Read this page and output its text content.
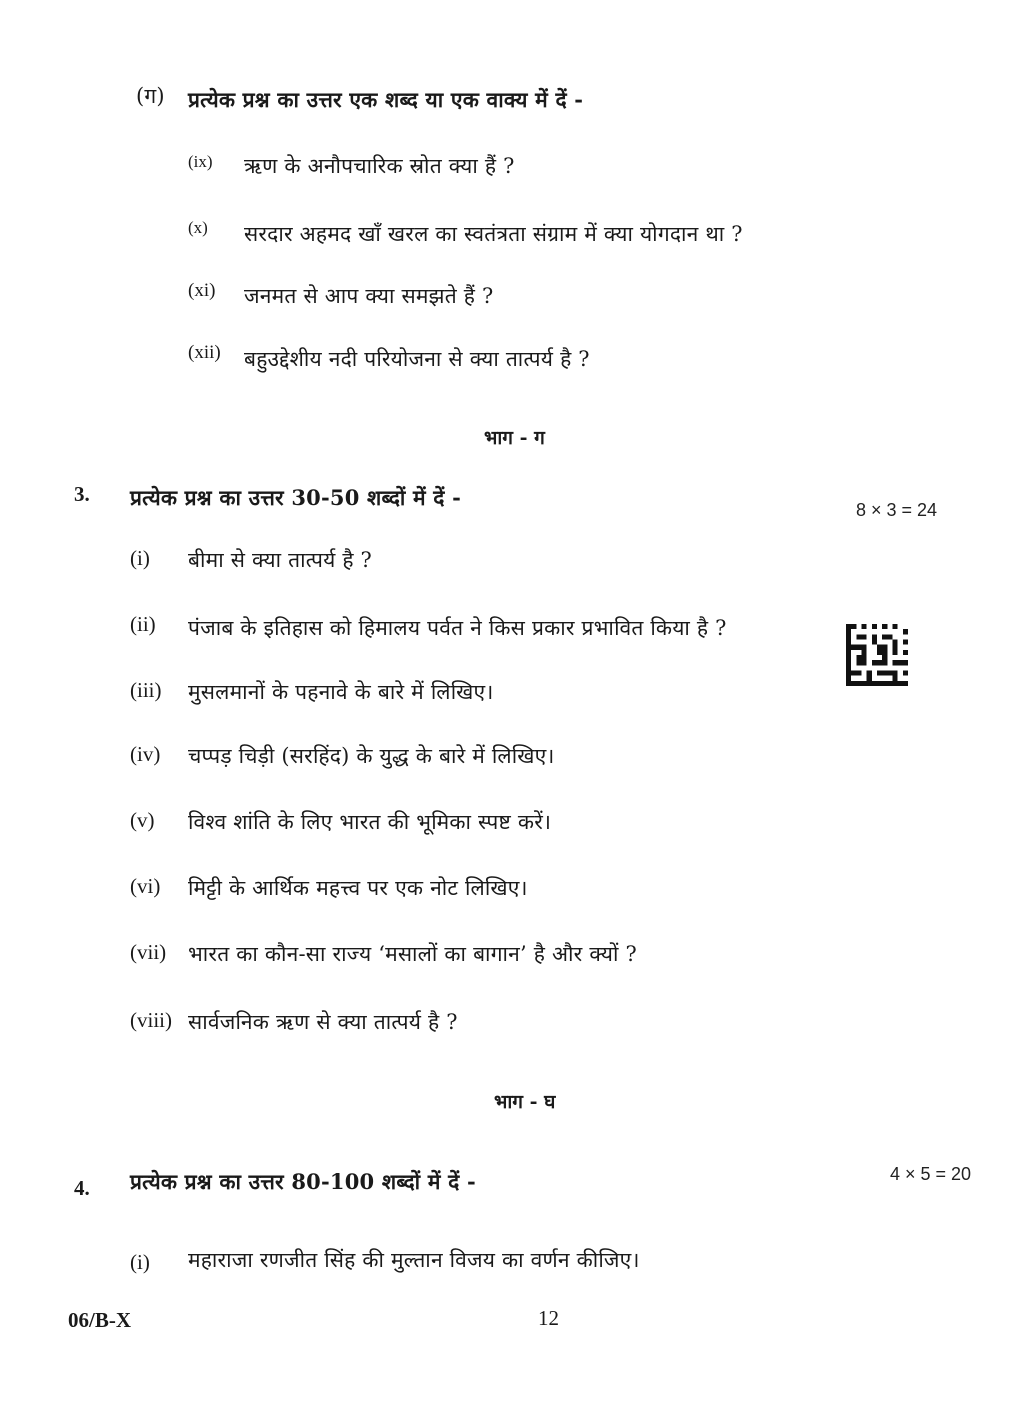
(ग) प्रत्येक प्रश्न का उत्तर एक शब्द या एक वाक्य में दें -
(ix) ऋण के अनौपचारिक स्रोत क्या हैं ?
(x) सरदार अहमद खाँ खरल का स्वतंत्रता संग्राम में क्या योगदान था ?
(xi) जनमत से आप क्या समझते हैं ?
(xii) बहुउद्देशीय नदी परियोजना से क्या तात्पर्य है ?
भाग - ग
3. प्रत्येक प्रश्न का उत्तर 30-50 शब्दों में दें -	8 × 3 = 24
(i) बीमा से क्या तात्पर्य है ?
(ii) पंजाब के इतिहास को हिमालय पर्वत ने किस प्रकार प्रभावित किया है ?
(iii) मुसलमानों के पहनावे के बारे में लिखिए।
(iv) चप्पड़ चिड़ी (सरहिंद) के युद्ध के बारे में लिखिए।
(v) विश्व शांति के लिए भारत की भूमिका स्पष्ट करें।
(vi) मिट्टी के आर्थिक महत्त्व पर एक नोट लिखिए।
(vii) भारत का कौन-सा राज्य ‘मसालों का बागान’ है और क्यों ?
(viii) सार्वजनिक ऋण से क्या तात्पर्य है ?
भाग - घ
4. प्रत्येक प्रश्न का उत्तर 80-100 शब्दों में दें -	4 × 5 = 20
(i) महाराजा रणजीत सिंह की मुल्तान विजय का वर्णन कीजिए।
06/B-X	12
